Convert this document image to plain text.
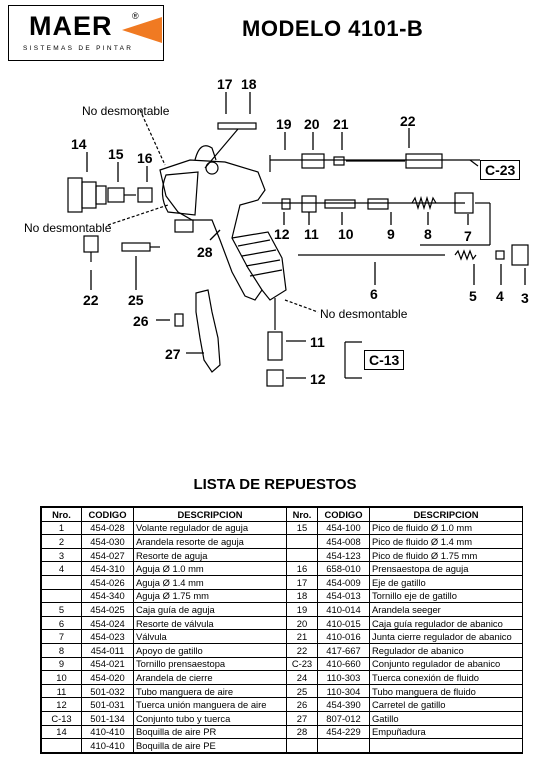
MAER ®
SISTEMAS DE PINTAR
MODELO 4101-B
14
15 16
17 18
19 20 21	22
12 11 10 9 8 7
6	5 4 3
28
22 25
26
27
11
12
No desmontable
No desmontable
No desmontable
C-23
C-13
LISTA DE REPUESTOS
Nro.	CODIGO	DESCRIPCION	Nro.	CODIGO	DESCRIPCION
1	454-028	Volante regulador de aguja	15	454-100	Pico de fluido Ø 1.0 mm
2	454-030	Arandela resorte de aguja		454-008	Pico de fluido Ø 1.4 mm
3	454-027	Resorte de aguja		454-123	Pico de fluido Ø 1.75 mm
4	454-310	Aguja Ø 1.0 mm	16	658-010	Prensaestopa de aguja
	454-026	Aguja Ø 1.4 mm	17	454-009	Eje de gatillo
	454-340	Aguja Ø 1.75 mm	18	454-013	Tornillo eje de gatillo
5	454-025	Caja guía de aguja	19	410-014	Arandela seeger
6	454-024	Resorte de válvula	20	410-015	Caja guía regulador de abanico
7	454-023	Válvula	21	410-016	Junta cierre regulador de abanico
8	454-011	Apoyo de gatillo	22	417-667	Regulador de abanico
9	454-021	Tornillo prensaestopa	C-23	410-660	Conjunto regulador de abanico
10	454-020	Arandela de cierre	24	110-303	Tuerca conexión de fluido
11	501-032	Tubo manguera de aire	25	110-304	Tubo manguera de fluido
12	501-031	Tuerca unión manguera de aire	26	454-390	Carretel de gatillo
C-13	501-134	Conjunto tubo y tuerca	27	807-012	Gatillo
14	410-410	Boquilla de aire PR	28	454-229	Empuñadura
	410-410	Boquilla de aire PE			
